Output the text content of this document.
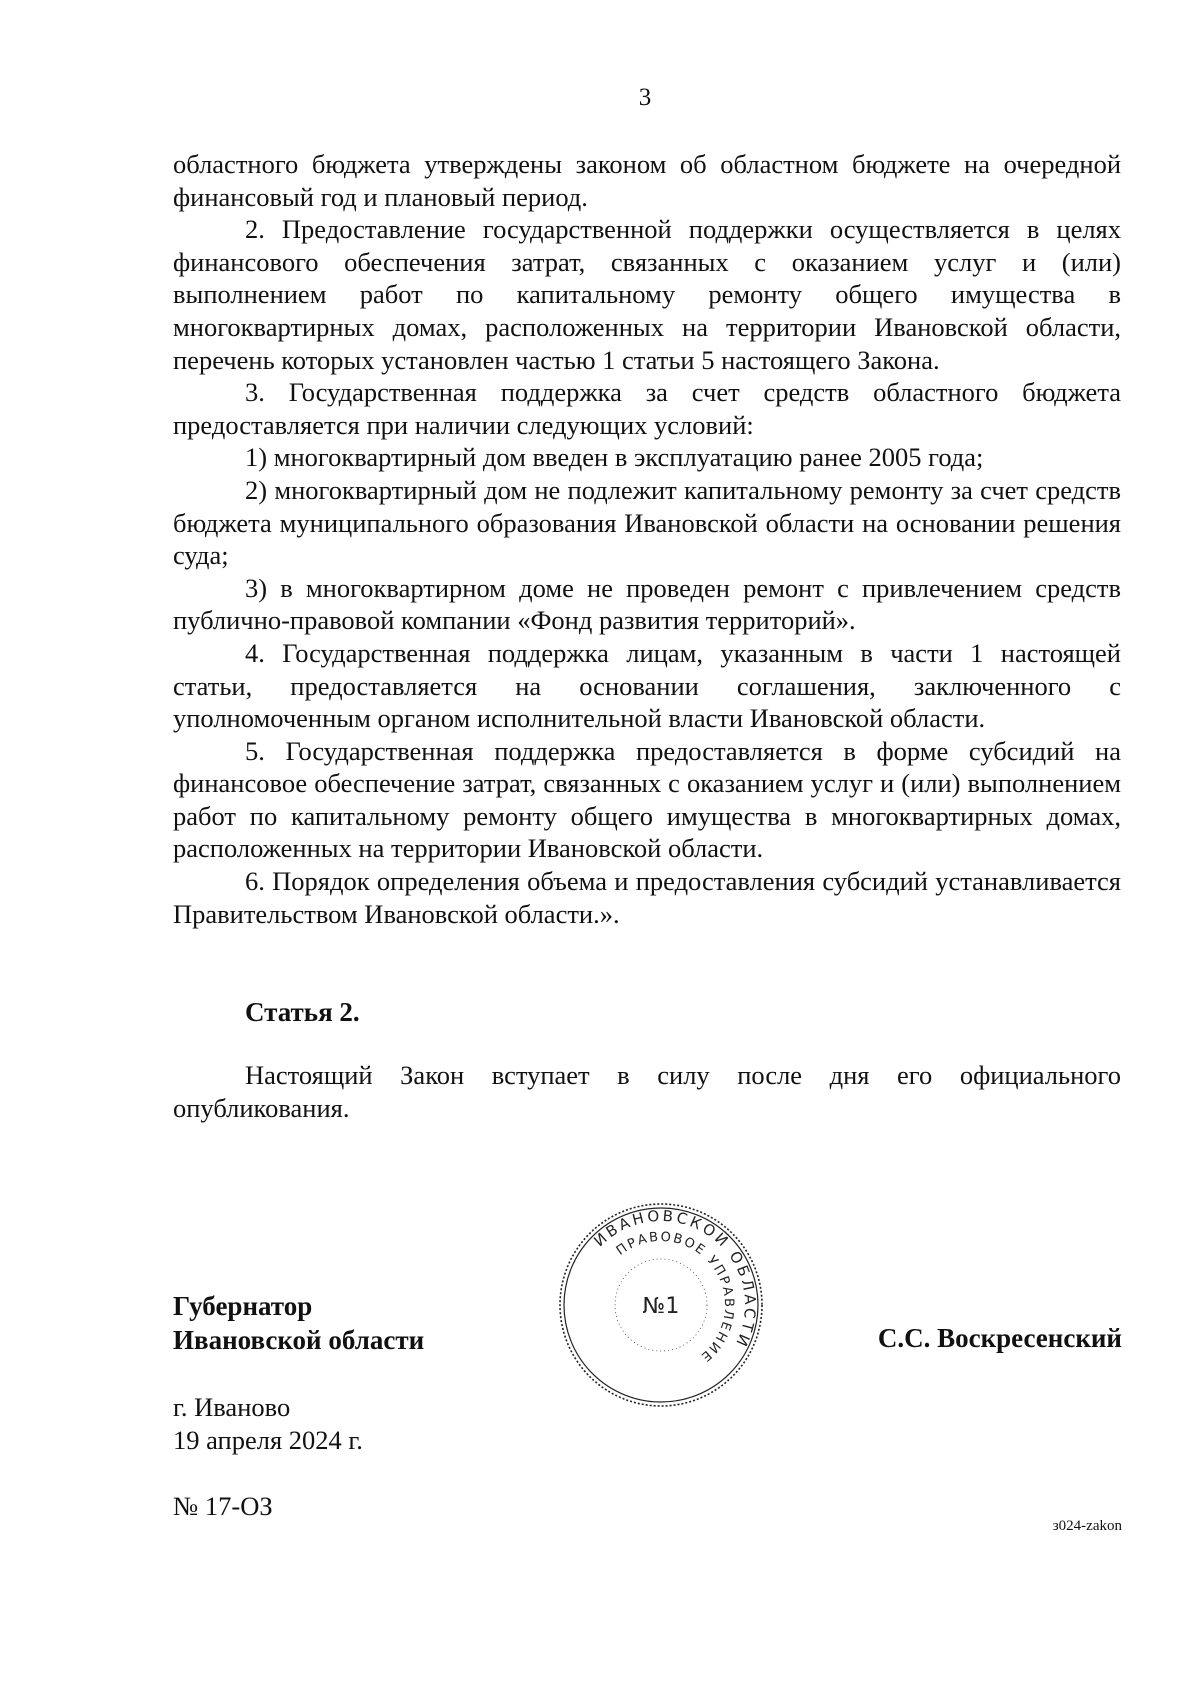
3

областного бюджета утверждены законом об областном бюджете на очередной финансовый год и плановый период.

2. Предоставление государственной поддержки осуществляется в целях финансового обеспечения затрат, связанных с оказанием услуг и (или) выполнением работ по капитальному ремонту общего имущества в многоквартирных домах, расположенных на территории Ивановской области, перечень которых установлен частью 1 статьи 5 настоящего Закона.

3. Государственная поддержка за счет средств областного бюджета предоставляется при наличии следующих условий:

1) многоквартирный дом введен в эксплуатацию ранее 2005 года;

2) многоквартирный дом не подлежит капитальному ремонту за счет средств бюджета муниципального образования Ивановской области на основании решения суда;

3) в многоквартирном доме не проведен ремонт с привлечением средств публично-правовой компании «Фонд развития территорий».

4. Государственная поддержка лицам, указанным в части 1 настоящей статьи, предоставляется на основании соглашения, заключенного с уполномоченным органом исполнительной власти Ивановской области.

5. Государственная поддержка предоставляется в форме субсидий на финансовое обеспечение затрат, связанных с оказанием услуг и (или) выполнением работ по капитальному ремонту общего имущества в многоквартирных домах, расположенных на территории Ивановской области.

6. Порядок определения объема и предоставления субсидий устанавливается Правительством Ивановской области.».

Статья 2.
Настоящий Закон вступает в силу после дня его официального опубликования.
Губернатор
Ивановской области
ИВАНОВСКОЙ ОБЛАСТИ
ПРАВОВОЕ УПРАВЛЕНИЕ
№1
С.С. Воскресенский
г. Иваново
19 апреля 2024 г.
№ 17-ОЗ
з024-zakon
